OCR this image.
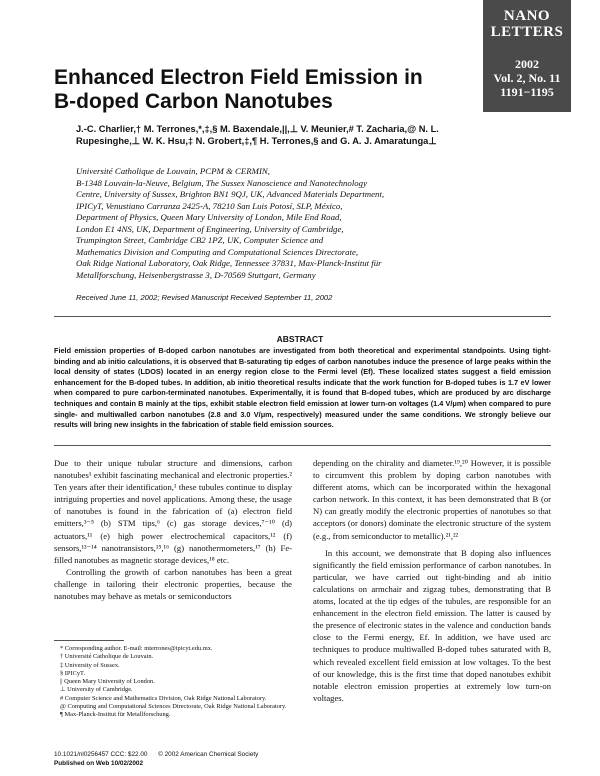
NANO
LETTERS
2002
Vol. 2, No. 11
1191−1195
Enhanced Electron Field Emission in
B-doped Carbon Nanotubes
J.-C. Charlier,† M. Terrones,*,‡,§ M. Baxendale,||,⊥ V. Meunier,# T. Zacharia,@ N. L. Rupesinghe,⊥ W. K. Hsu,‡ N. Grobert,‡,¶ H. Terrones,§ and G. A. J. Amaratunga⊥
Université Catholique de Louvain, PCPM & CERMIN,
B-1348 Louvain-la-Neuve, Belgium, The Sussex Nanoscience and Nanotechnology
Centre, University of Sussex, Brighton BN1 9QJ, UK, Advanced Materials Department,
IPICyT, Venustiano Carranza 2425-A, 78210 San Luis Potosí, SLP, México,
Department of Physics, Queen Mary University of London, Mile End Road,
London E1 4NS, UK, Department of Engineering, University of Cambridge,
Trumpington Street, Cambridge CB2 1PZ, UK, Computer Science and
Mathematics Division and Computing and Computational Sciences Directorate,
Oak Ridge National Laboratory, Oak Ridge, Tennessee 37831, Max-Planck-Institut für
Metallforschung, Heisenbergstrasse 3, D-70569 Stuttgart, Germany
Received June 11, 2002; Revised Manuscript Received September 11, 2002
ABSTRACT
Field emission properties of B-doped carbon nanotubes are investigated from both theoretical and experimental standpoints. Using tight-binding and ab initio calculations, it is observed that B-saturating tip edges of carbon nanotubes induce the presence of large peaks within the local density of states (LDOS) located in an energy region close to the Fermi level (Ef). These localized states suggest a field emission enhancement for the B-doped tubes. In addition, ab initio theoretical results indicate that the work function for B-doped tubes is 1.7 eV lower when compared to pure carbon-terminated nanotubes. Experimentally, it is found that B-doped tubes, which are produced by arc discharge techniques and contain B mainly at the tips, exhibit stable electron field emission at lower turn-on voltages (1.4 V/μm) when compared to pure single- and multiwalled carbon nanotubes (2.8 and 3.0 V/μm, respectively) measured under the same conditions. We strongly believe our results will bring new insights in the fabrication of stable field emission sources.

Due to their unique tubular structure and dimensions, carbon nanotubes¹ exhibit fascinating mechanical and electronic properties.² Ten years after their identification,¹ these tubules continue to display intriguing properties and novel applications. Among these, the usage of nanotubes is found in the fabrication of (a) electron field emitters,³⁻⁵ (b) STM tips,⁶ (c) gas storage devices,⁷⁻¹⁰ (d) actuators,¹¹ (e) high power electrochemical capacitors,¹² (f) sensors,¹³⁻¹⁴ nanotransistors,¹⁵,¹⁶ (g) nanothermometers,¹⁷ (h) Fe-filled nanotubes as magnetic storage devices,¹⁸ etc.

Controlling the growth of carbon nanotubes has been a great challenge in tailoring their electronic properties, because the nanotubes may behave as metals or semiconductors

depending on the chirality and diameter.¹⁹,²⁰ However, it is possible to circumvent this problem by doping carbon nanotubes with different atoms, which can be incorporated within the hexagonal carbon network. In this context, it has been demonstrated that B (or N) can greatly modify the electronic properties of nanotubes so that acceptors (or donors) dominate the electronic structure of the system (e.g., from semiconductor to metallic).²¹,²²

In this account, we demonstrate that B doping also influences significantly the field emission performance of carbon nanotubes. In particular, we have carried out tight-binding and ab initio calculations on armchair and zigzag tubes, demonstrating that B atoms, located at the tip edges of the tubules, are responsible for an enhancement in the electron field emission. The latter is caused by the presence of electronic states in the valence and conduction bands close to the Fermi energy, Ef. In addition, we have used arc techniques to produce multiwalled B-doped tubes saturated with B, which revealed excellent field emission at low voltages. To the best of our knowledge, this is the first time that doped nanotubes exhibit notable electron emission properties at extremely low turn-on voltages.

* Corresponding author. E-mail: mterrones@ipicyt.edu.mx.
† Université Catholique de Louvain.
‡ University of Sussex.
§ IPICyT.
|| Queen Mary University of London.
⊥ University of Cambridge.
# Computer Science and Mathematics Division, Oak Ridge National Laboratory.
@ Computing and Computational Sciences Directorate, Oak Ridge National Laboratory.
¶ Max-Planck-Institut für Metallforschung.
10.1021/nl0256457 CCC: $22.00      © 2002 American Chemical Society
Published on Web 10/02/2002
